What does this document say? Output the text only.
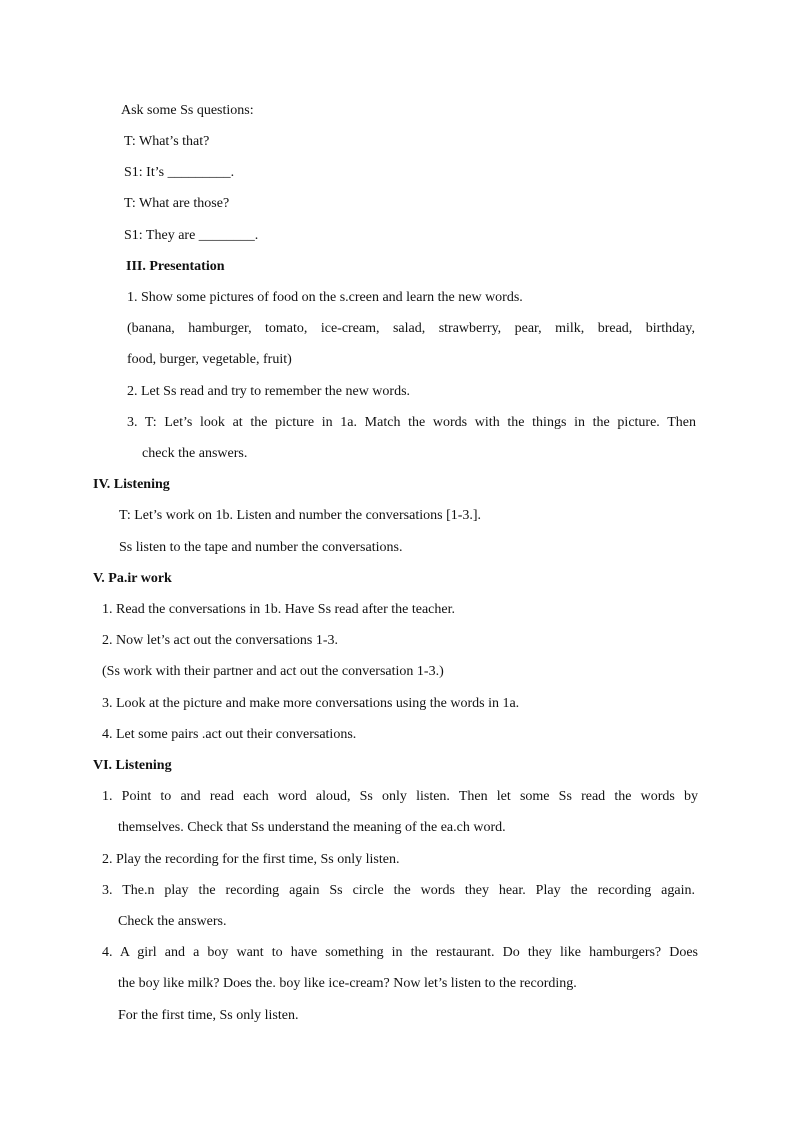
Ask some Ss questions:
T: What’s that?
S1: It’s _________.
T: What are those?
S1: They are ________.
III. Presentation
1. Show some pictures of food on the s.creen and learn the new words.
(banana, hamburger, tomato, ice-cream, salad, strawberry, pear, milk, bread, birthday,
food, burger, vegetable, fruit)
2. Let Ss read and try to remember the new words.
3. T: Let’s look at the picture in 1a. Match the words with the things in the picture. Then
check the answers.
IV. Listening
T: Let’s work on 1b. Listen and number the conversations [1-3.].
Ss listen to the tape and number the conversations.
V. Pa.ir work
1. Read the conversations in 1b. Have Ss read after the teacher.
2. Now let’s act out the conversations 1-3.
(Ss work with their partner and act out the conversation 1-3.)
3. Look at the picture and make more conversations using the words in 1a.
4. Let some pairs .act out their conversations.
VI. Listening
1. Point to and read each word aloud, Ss only listen. Then let some Ss read the words by
themselves. Check that Ss understand the meaning of the ea.ch word.
2. Play the recording for the first time, Ss only listen.
3. The.n play the recording again Ss circle the words they hear. Play the recording again.
Check the answers.
4. A girl and a boy want to have something in the restaurant. Do they like hamburgers? Does
the boy like milk? Does the. boy like ice-cream? Now let’s listen to the recording.
For the first time, Ss only listen.
